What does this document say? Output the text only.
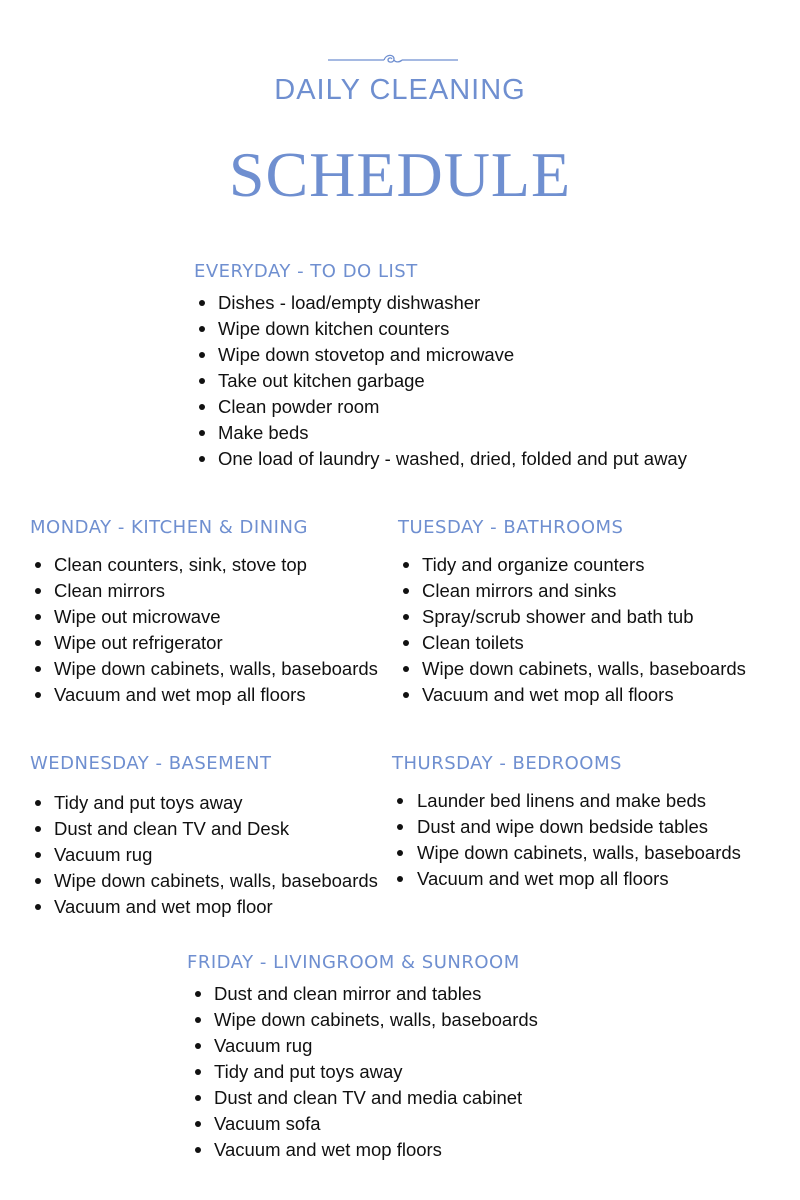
DAILY CLEANING
SCHEDULE
EVERYDAY - TO DO LIST
Dishes - load/empty dishwasher
Wipe down kitchen counters
Wipe down stovetop and microwave
Take out kitchen garbage
Clean powder room
Make beds
One load of laundry - washed, dried, folded and put away
MONDAY - KITCHEN & DINING
Clean counters, sink, stove top
Clean mirrors
Wipe out microwave
Wipe out refrigerator
Wipe down cabinets, walls, baseboards
Vacuum and wet mop all floors
TUESDAY - BATHROOMS
Tidy and organize counters
Clean mirrors and sinks
Spray/scrub shower and bath tub
Clean toilets
Wipe down cabinets, walls, baseboards
Vacuum and wet mop all floors
WEDNESDAY - BASEMENT
Tidy and put toys away
Dust and clean TV and Desk
Vacuum rug
Wipe down cabinets, walls, baseboards
Vacuum and wet mop floor
THURSDAY - BEDROOMS
Launder bed linens and make beds
Dust and wipe down bedside tables
Wipe down cabinets, walls, baseboards
Vacuum and wet mop all floors
FRIDAY - LIVINGROOM & SUNROOM
Dust and clean mirror and tables
Wipe down cabinets, walls, baseboards
Vacuum rug
Tidy and put toys away
Dust and clean TV and media cabinet
Vacuum sofa
Vacuum and wet mop floors
